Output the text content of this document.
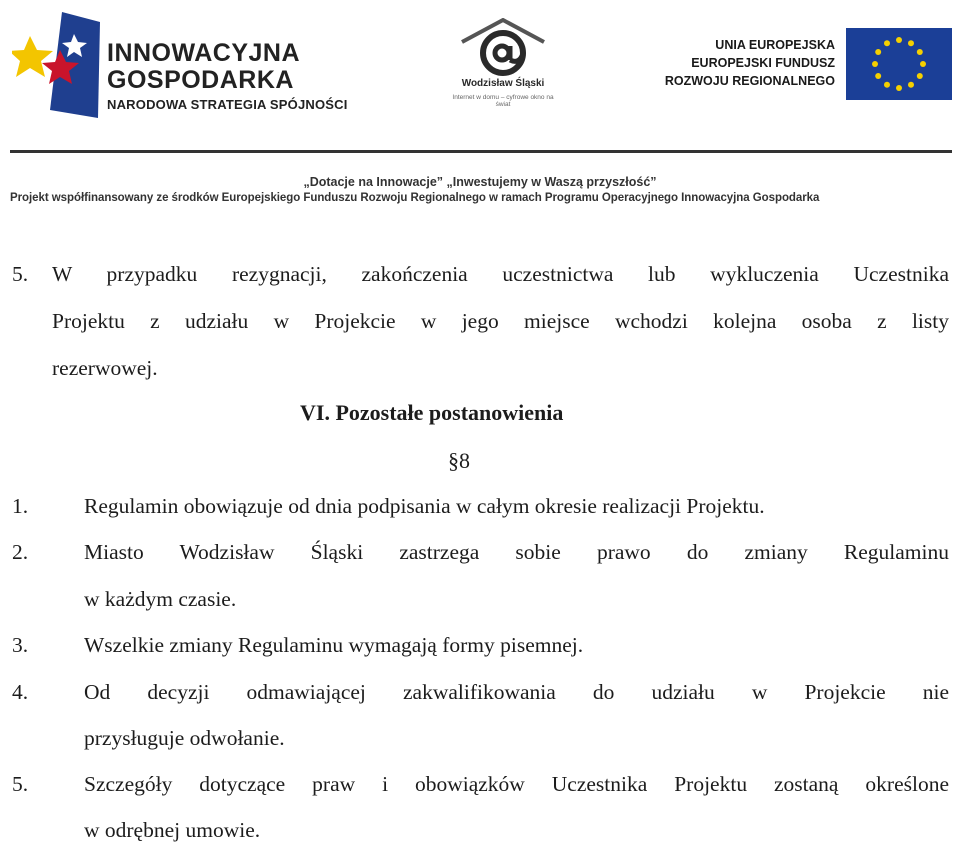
INNOWACYJNA
GOSPODARKA
NARODOWA STRATEGIA SPÓJNOŚCI
Wodzisław Śląski
Internet w domu – cyfrowe okno na świat
UNIA EUROPEJSKA
EUROPEJSKI FUNDUSZ
ROZWOJU REGIONALNEGO
„Dotacje na Innowacje” „Inwestujemy w Waszą przyszłość”
Projekt współfinansowany ze środków Europejskiego Funduszu Rozwoju Regionalnego w ramach Programu Operacyjnego Innowacyjna Gospodarka
5. W przypadku rezygnacji, zakończenia uczestnictwa lub wykluczenia Uczestnika
Projektu z udziału w Projekcie w jego miejsce wchodzi kolejna osoba z listy
rezerwowej.
VI. Pozostałe postanowienia
§8
1.	Regulamin obowiązuje od dnia podpisania w całym okresie realizacji Projektu.
2.	Miasto Wodzisław Śląski zastrzega sobie prawo do zmiany Regulaminu
w każdym czasie.
3.	Wszelkie zmiany Regulaminu wymagają formy pisemnej.
4.	Od decyzji odmawiającej zakwalifikowania do udziału w Projekcie nie
przysługuje odwołanie.
5.	Szczegóły dotyczące praw i obowiązków Uczestnika Projektu zostaną określone
w odrębnej umowie.
